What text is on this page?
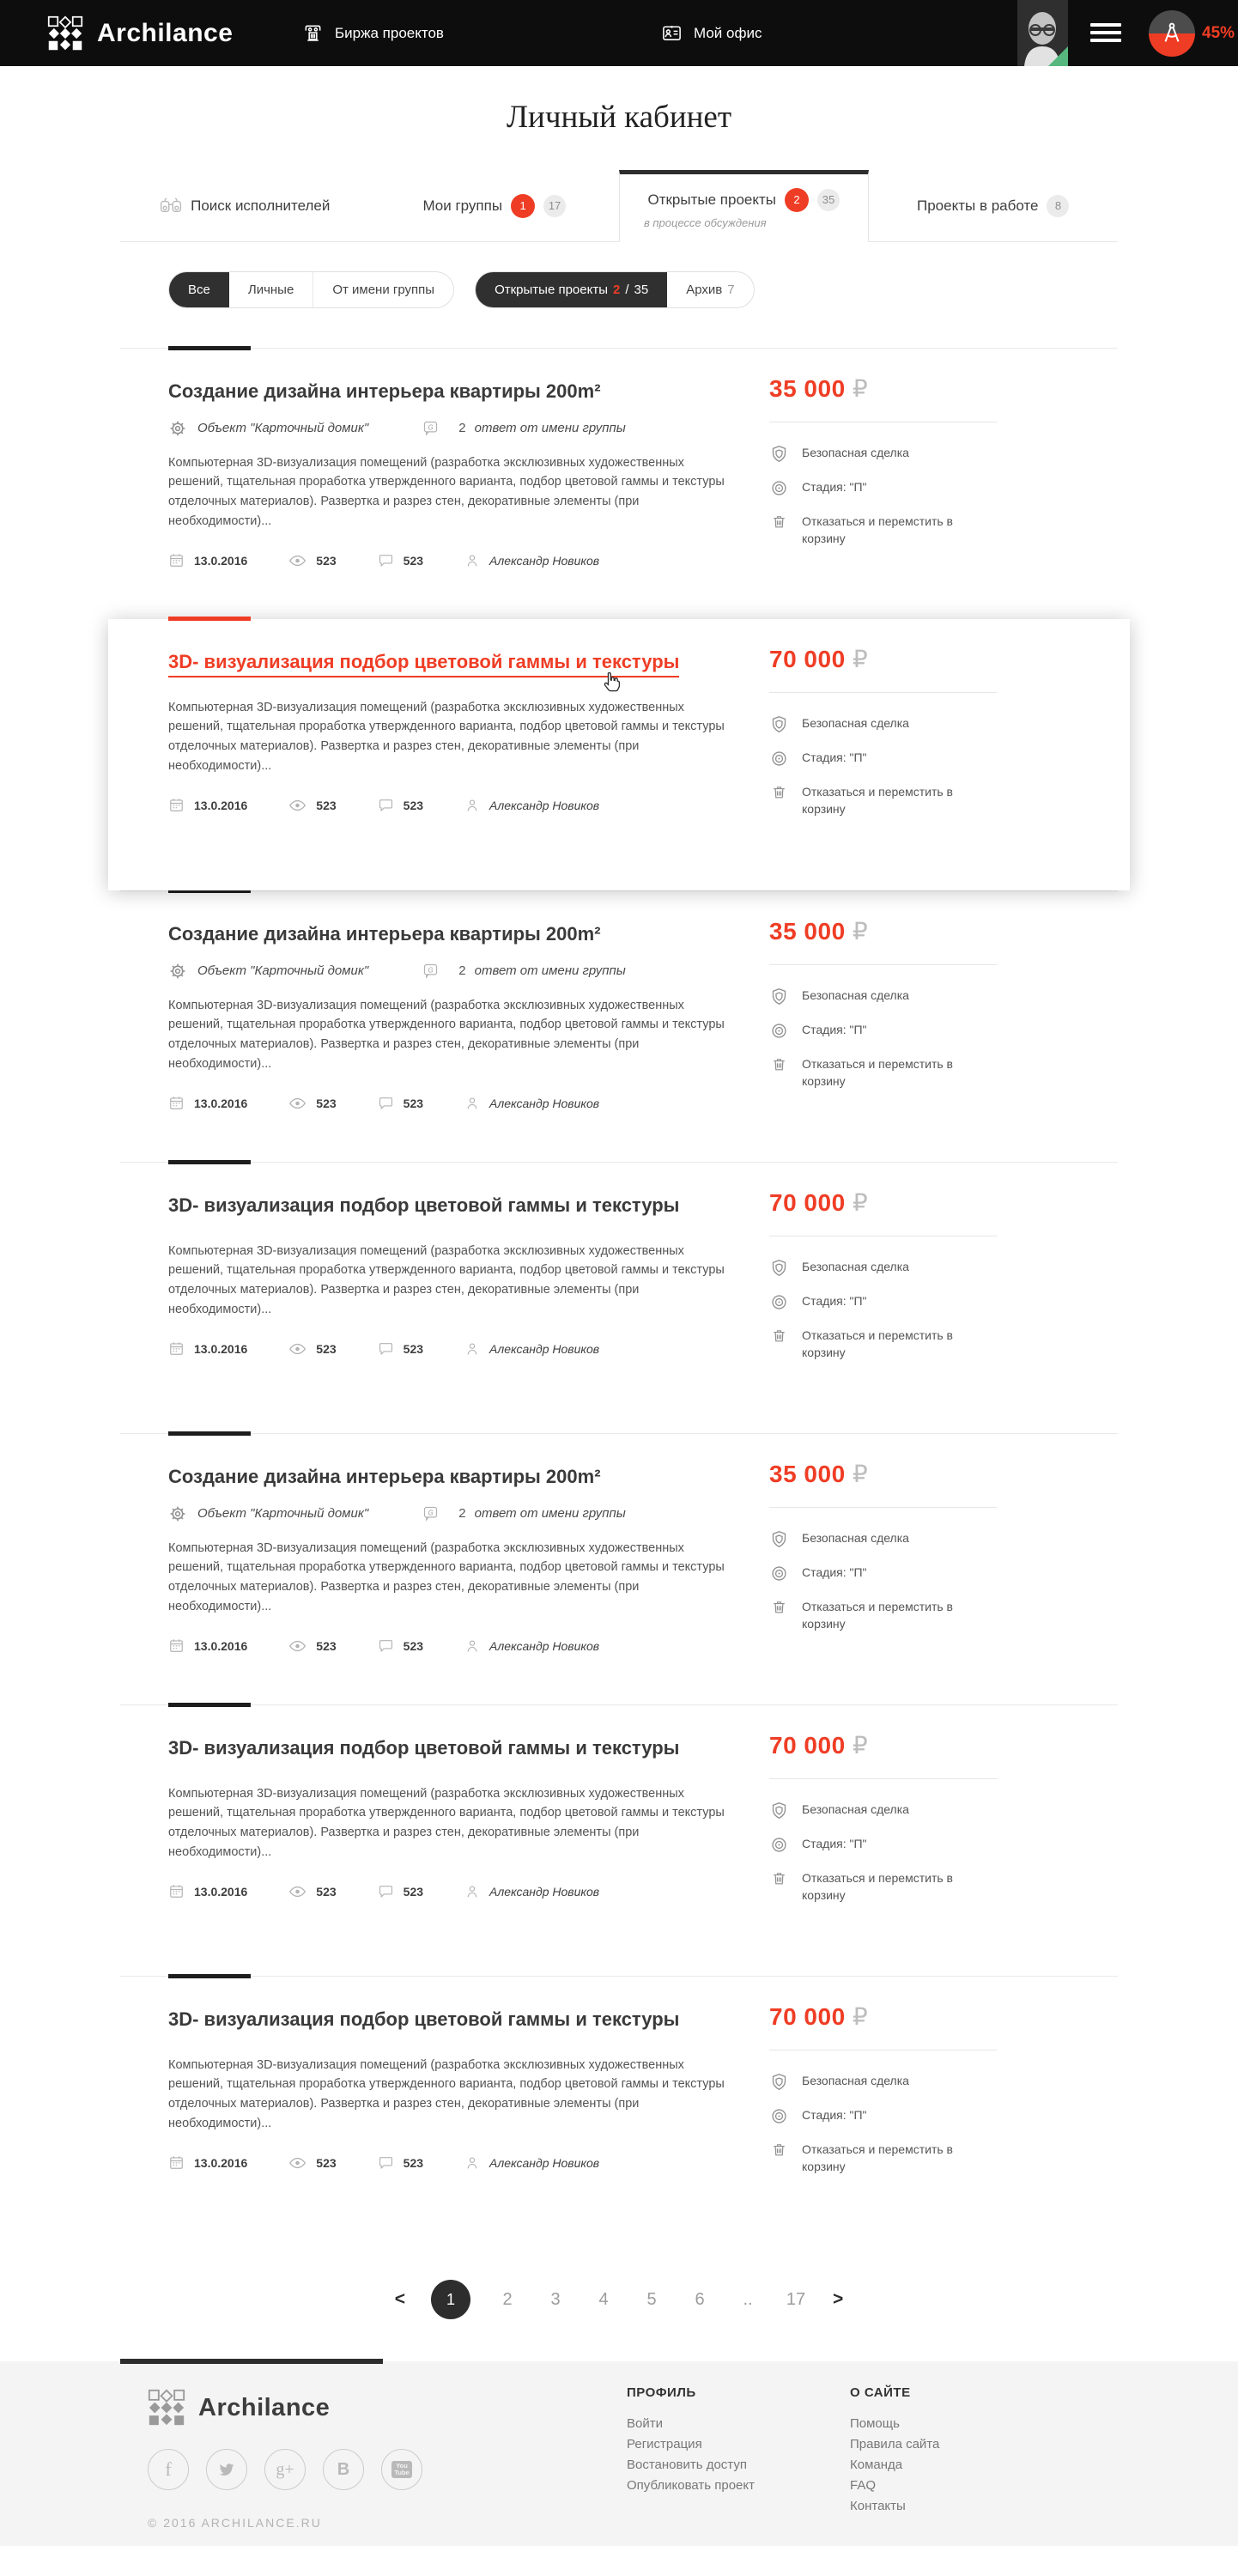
Archilance	Биржа проектов	Мой офис	45%
Личный кабинет
Поиск исполнителей	Мои группы	1	17	Открытые проекты	2	35
в процессе обсуждения
Проекты в работе	8
Все	Личные	От имени группы	Открытые проекты 2 / 35	Архив 7
Создание дизайна интерьера квартиры 200m²
Объект "Карточный домик"	G 2 ответ от имени группы

Компьютерная 3D-визуализация помещений (разработка эксклюзивных художественных решений, тщательная проработка утвержденного варианта, подбор цветовой гаммы и текстуры отделочных материалов). Развертка и разрез стен, декоративные элементы (при необходимости)...

13.0.2016	523	523	Александр Новиков
35 000 ₽
Безопасная сделка
Стадия: "П"
Отказаться и перемстить в корзину
3D- визуализация подбор цветовой гаммы и текстуры

Компьютерная 3D-визуализация помещений (разработка эксклюзивных художественных решений, тщательная проработка утвержденного варианта, подбор цветовой гаммы и текстуры отделочных материалов). Развертка и разрез стен, декоративные элементы (при необходимости)...

13.0.2016	523	523	Александр Новиков
70 000 ₽
Безопасная сделка
Стадия: "П"
Отказаться и перемстить в корзину
Создание дизайна интерьера квартиры 200m²
Объект "Карточный домик"	G 2 ответ от имени группы

Компьютерная 3D-визуализация помещений (разработка эксклюзивных художественных решений, тщательная проработка утвержденного варианта, подбор цветовой гаммы и текстуры отделочных материалов). Развертка и разрез стен, декоративные элементы (при необходимости)...

13.0.2016	523	523	Александр Новиков
35 000 ₽
Безопасная сделка
Стадия: "П"
Отказаться и перемстить в корзину
3D- визуализация подбор цветовой гаммы и текстуры

Компьютерная 3D-визуализация помещений (разработка эксклюзивных художественных решений, тщательная проработка утвержденного варианта, подбор цветовой гаммы и текстуры отделочных материалов). Развертка и разрез стен, декоративные элементы (при необходимости)...

13.0.2016	523	523	Александр Новиков
70 000 ₽
Безопасная сделка
Стадия: "П"
Отказаться и перемстить в корзину
Создание дизайна интерьера квартиры 200m²
Объект "Карточный домик"	G 2 ответ от имени группы

Компьютерная 3D-визуализация помещений (разработка эксклюзивных художественных решений, тщательная проработка утвержденного варианта, подбор цветовой гаммы и текстуры отделочных материалов). Развертка и разрез стен, декоративные элементы (при необходимости)...

13.0.2016	523	523	Александр Новиков
35 000 ₽
Безопасная сделка
Стадия: "П"
Отказаться и перемстить в корзину
3D- визуализация подбор цветовой гаммы и текстуры

Компьютерная 3D-визуализация помещений (разработка эксклюзивных художественных решений, тщательная проработка утвержденного варианта, подбор цветовой гаммы и текстуры отделочных материалов). Развертка и разрез стен, декоративные элементы (при необходимости)...

13.0.2016	523	523	Александр Новиков
70 000 ₽
Безопасная сделка
Стадия: "П"
Отказаться и перемстить в корзину
3D- визуализация подбор цветовой гаммы и текстуры

Компьютерная 3D-визуализация помещений (разработка эксклюзивных художественных решений, тщательная проработка утвержденного варианта, подбор цветовой гаммы и текстуры отделочных материалов). Развертка и разрез стен, декоративные элементы (при необходимости)...

13.0.2016	523	523	Александр Новиков
70 000 ₽
Безопасная сделка
Стадия: "П"
Отказаться и перемстить в корзину
<	1	2	3	4	5	6	..	17 >
Archilance
f	g+	B	You
Tube
© 2016 ARCHILANCE.RU
ПРОФИЛЬ
Войти
Регистрация
Востановить доступ
Опубликовать проект
О САЙТЕ
Помощь
Правила сайта
Команда
FAQ
Контакты
